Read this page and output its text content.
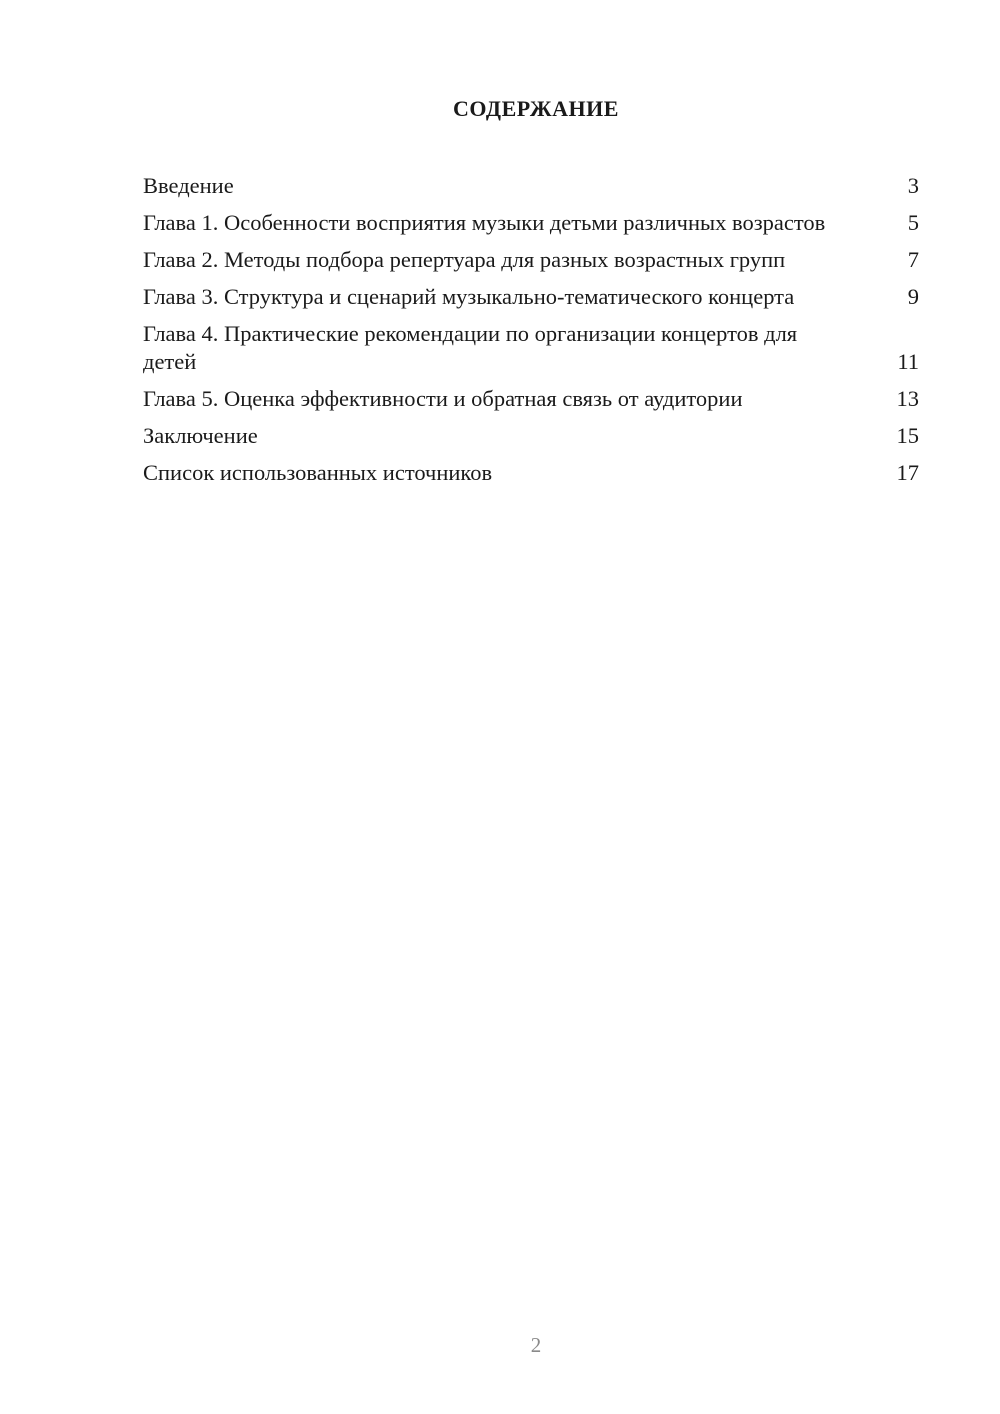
СОДЕРЖАНИЕ
Введение	3
Глава 1. Особенности восприятия музыки детьми различных возрастов	5
Глава 2. Методы подбора репертуара для разных возрастных групп	7
Глава 3. Структура и сценарий музыкально-тематического концерта	9
Глава 4. Практические рекомендации по организации концертов для детей	11
Глава 5. Оценка эффективности и обратная связь от аудитории	13
Заключение	15
Список использованных источников	17
2
